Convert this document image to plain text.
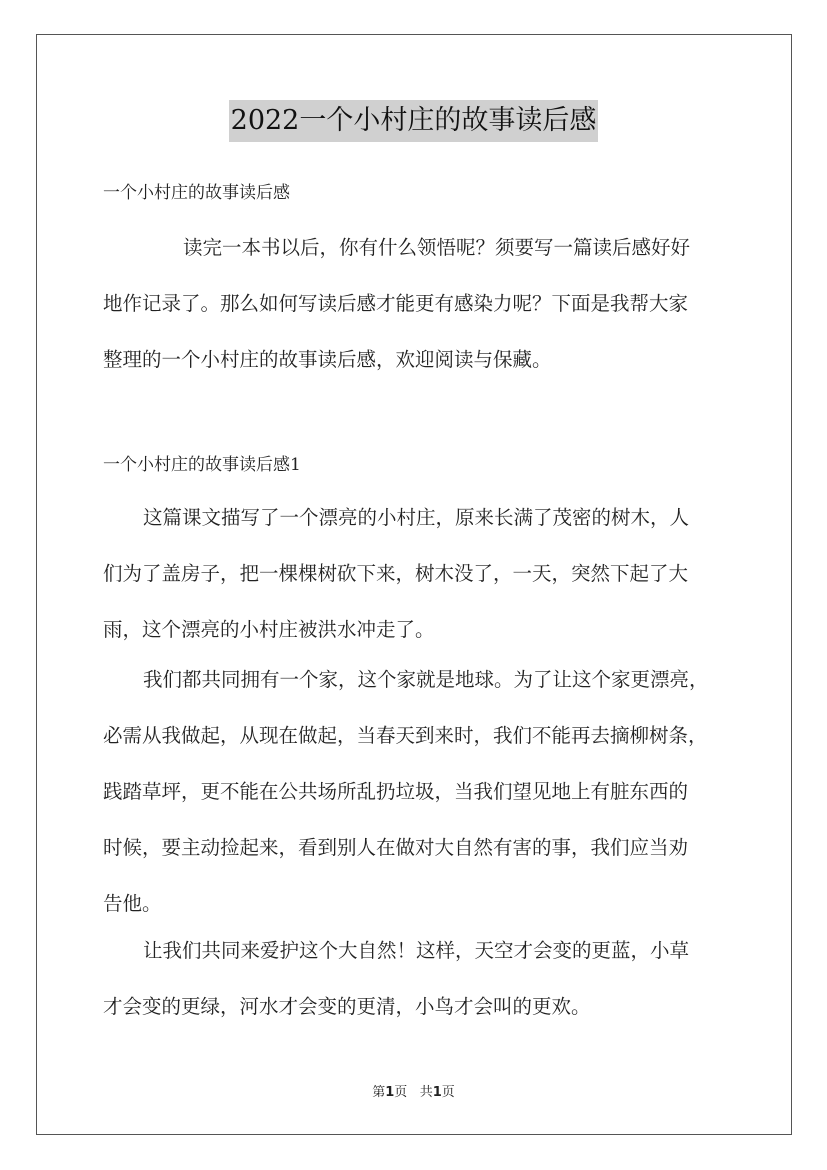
2022一个小村庄的故事读后感
一个小村庄的故事读后感
读完一本书以后，你有什么领悟呢？须要写一篇读后感好好
地作记录了。那么如何写读后感才能更有感染力呢？下面是我帮大家
整理的一个小村庄的故事读后感，欢迎阅读与保藏。
一个小村庄的故事读后感1
这篇课文描写了一个漂亮的小村庄，原来长满了茂密的树木，人
们为了盖房子，把一棵棵树砍下来，树木没了，一天，突然下起了大
雨，这个漂亮的小村庄被洪水冲走了。
我们都共同拥有一个家，这个家就是地球。为了让这个家更漂亮，
必需从我做起，从现在做起，当春天到来时，我们不能再去摘柳树条，
践踏草坪，更不能在公共场所乱扔垃圾，当我们望见地上有脏东西的
时候，要主动捡起来，看到别人在做对大自然有害的事，我们应当劝
告他。
让我们共同来爱护这个大自然！这样，天空才会变的更蓝，小草
才会变的更绿，河水才会变的更清，小鸟才会叫的更欢。
第1页 共1页
